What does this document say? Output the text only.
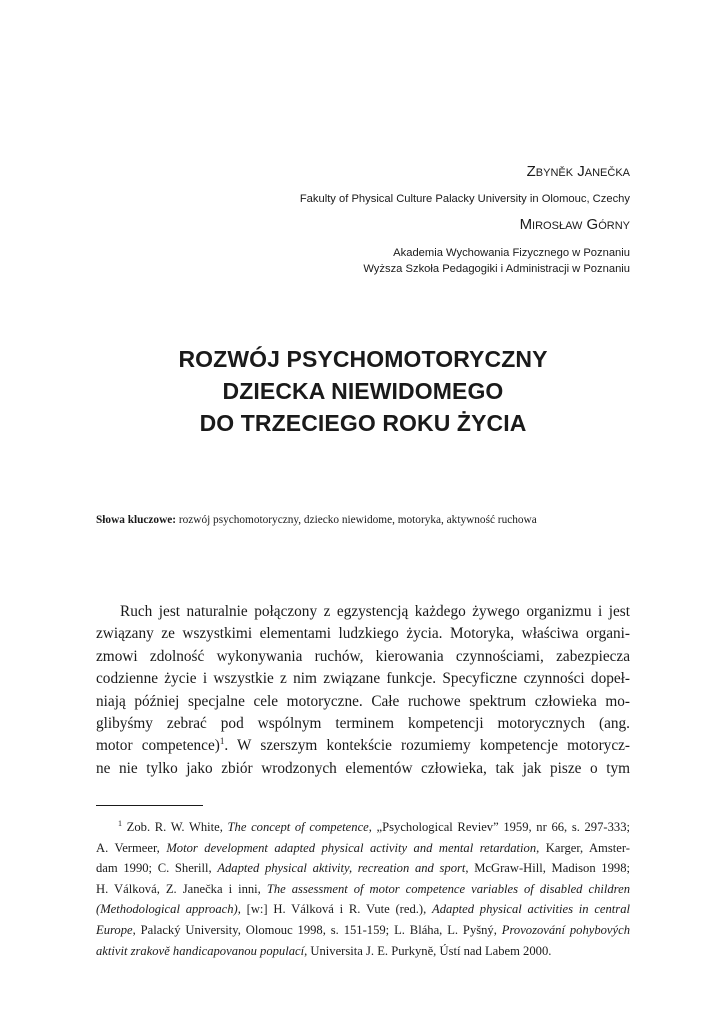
Zbyněk Janečka
Fakulty of Physical Culture Palacky University in Olomouc, Czechy
Mirosław Górny
Akademia Wychowania Fizycznego w Poznaniu
Wyższa Szkoła Pedagogiki i Administracji w Poznaniu
ROZWÓJ PSYCHOMOTORYCZNY
DZIECKA NIEWIDOMEGO
DO TRZECIEGO ROKU ŻYCIA
Słowa kluczowe: rozwój psychomotoryczny, dziecko niewidome, motoryka, aktywność ruchowa
Ruch jest naturalnie połączony z egzystencją każdego żywego organizmu i jest
związany ze wszystkimi elementami ludzkiego życia. Motoryka, właściwa organi-
zmowi zdolność wykonywania ruchów, kierowania czynnościami, zabezpiecza
codzienne życie i wszystkie z nim związane funkcje. Specyficzne czynności dopeł-
niają później specjalne cele motoryczne. Całe ruchowe spektrum człowieka mo-
glibyśmy zebrać pod wspólnym terminem kompetencji motorycznych (ang.
motor competence)$^1$. W szerszym kontekście rozumiemy kompetencje motorycz-
ne nie tylko jako zbiór wrodzonych elementów człowieka, tak jak pisze o tym
$^1$ Zob. R. W. White, The concept of competence, „Psychological Reviev” 1959, nr 66, s. 297-333;
A. Vermeer, Motor development adapted physical activity and mental retardation, Karger, Amster-
dam 1990; C. Sherill, Adapted physical aktivity, recreation and sport, McGraw-Hill, Madison 1998;
H. Válková, Z. Janečka i inni, The assessment of motor competence variables of disabled children
(Methodological approach), [w:] H. Válková i R. Vute (red.), Adapted physical activities in central
Europe, Palacký University, Olomouc 1998, s. 151-159; L. Bláha, L. Pyšný, Provozování pohybových
aktivit zrakově handicapovanou populací, Universita J. E. Purkyně, Ústí nad Labem 2000.
